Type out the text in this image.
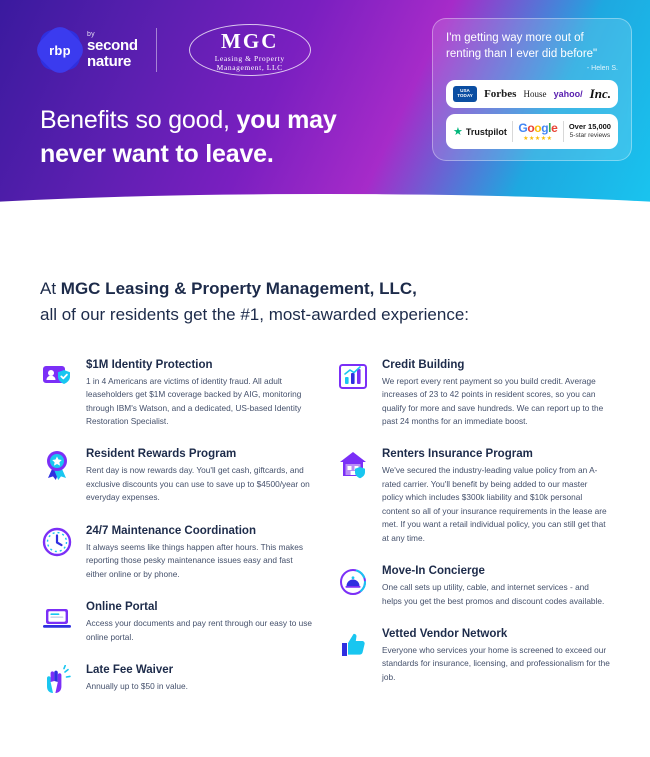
rbp
by
second
nature
MGC
Leasing & Property
Management, LLC
Benefits so good, you may
never want to leave.
I'm getting way more out of renting than I ever did before"
- Helen S.
USA TODAY	Forbes House yahoo/ Inc.
★ Trustpilot Google
★★★★★
Over 15,000
5-star reviews
At MGC Leasing & Property Management, LLC,
all of our residents get the #1, most-awarded experience:
$1M Identity Protection
1 in 4 Americans are victims of identity fraud. All adult leaseholders get $1M coverage backed by AIG, monitoring through IBM's Watson, and a dedicated, US-based Identity Restoration Specialist.
Resident Rewards Program
Rent day is now rewards day. You'll get cash, giftcards, and exclusive discounts you can use to save up to $4500/year on everyday expenses.
24/7 Maintenance Coordination
It always seems like things happen after hours. This makes reporting those pesky maintenance issues easy and fast either online or by phone.
Online Portal
Access your documents and pay rent through our easy to use online portal.
Late Fee Waiver
Annually up to $50 in value.
Credit Building
We report every rent payment so you build credit. Average increases of 23 to 42 points in resident scores, so you can qualify for more and save hundreds. We can report up to the past 24 months for an immediate boost.
Renters Insurance Program
We've secured the industry-leading value policy from an A-rated carrier. You'll benefit by being added to our master policy which includes $300k liability and $10k personal content so all of your insurance requirements in the lease are met. If you want a retail individual policy, you can still get that at any time.
Move-In Concierge
One call sets up utility, cable, and internet services - and helps you get the best promos and discount codes available.
Vetted Vendor Network
Everyone who services your home is screened to exceed our standards for insurance, licensing, and professionalism for the job.
